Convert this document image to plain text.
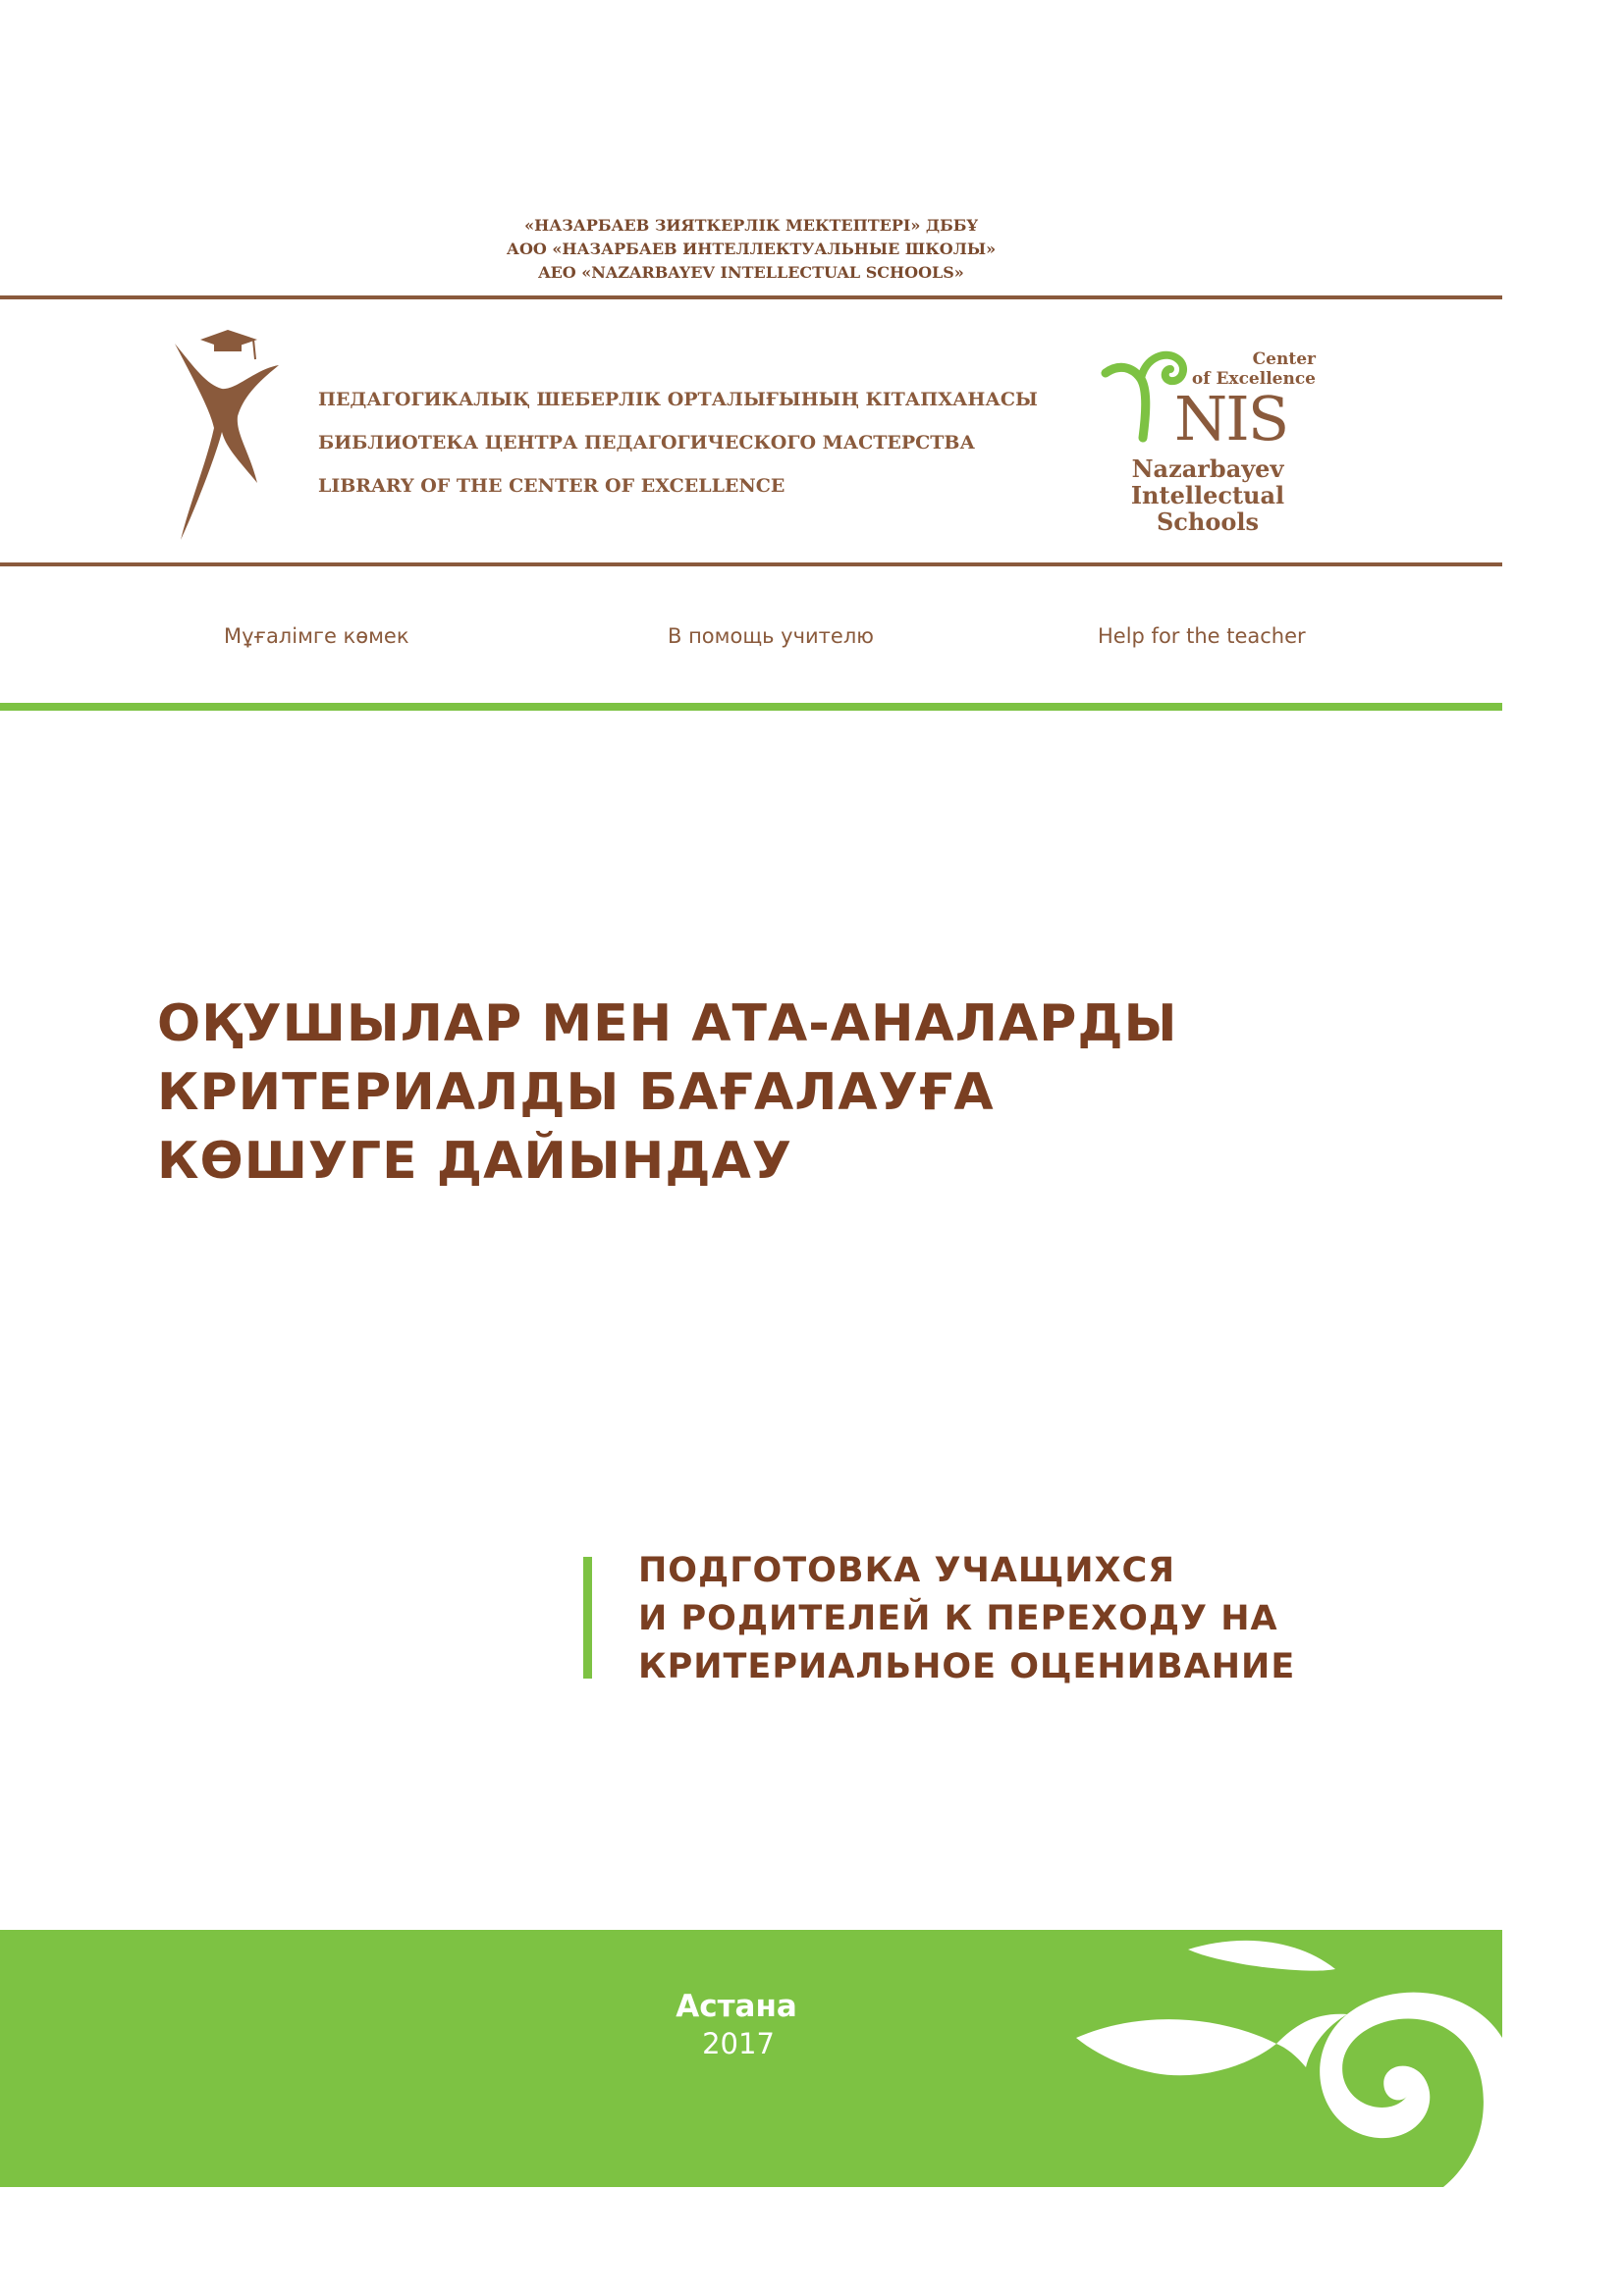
«НАЗАРБАЕВ ЗИЯТКЕРЛІК МЕКТЕПТЕРІ» ДББҰ
АОО «НАЗАРБАЕВ ИНТЕЛЛЕКТУАЛЬНЫЕ ШКОЛЫ»
AEO «NAZARBAYEV INTELLECTUAL SCHOOLS»
ПЕДАГОГИКАЛЫҚ ШЕБЕРЛІК ОРТАЛЫҒЫНЫҢ КІТАПХАНАСЫ
БИБЛИОТЕКА ЦЕНТРА ПЕДАГОГИЧЕСКОГО МАСТЕРСТВА
LIBRARY OF THE CENTER OF EXCELLENCE
Center
of Excellence
NIS
Nazarbayev
Intellectual
Schools
Мұғалімге көмек	В помощь учителю	Help for the teacher
ОҚУШЫЛАР МЕН АТА-АНАЛАРДЫ
КРИТЕРИАЛДЫ БАҒАЛАУҒА
КӨШУГЕ ДАЙЫНДАУ
ПОДГОТОВКА УЧАЩИХСЯ
И РОДИТЕЛЕЙ К ПЕРЕХОДУ НА
КРИТЕРИАЛЬНОЕ ОЦЕНИВАНИЕ
Астана
2017
